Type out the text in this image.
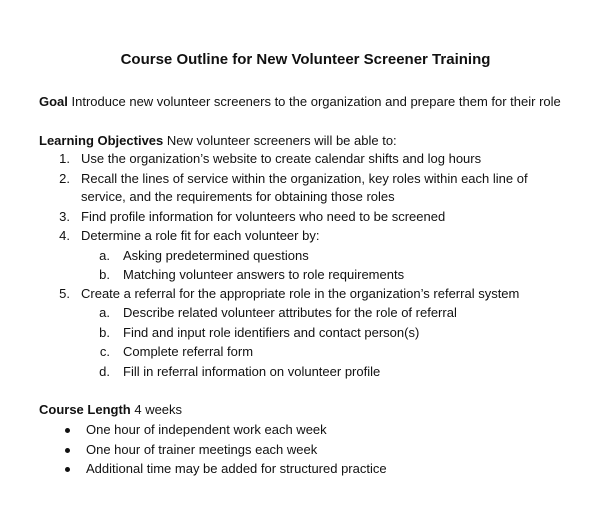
Course Outline for New Volunteer Screener Training
Goal Introduce new volunteer screeners to the organization and prepare them for their role
Learning Objectives New volunteer screeners will be able to:
1. Use the organization’s website to create calendar shifts and log hours
2. Recall the lines of service within the organization, key roles within each line of
service, and the requirements for obtaining those roles
3. Find profile information for volunteers who need to be screened
4. Determine a role fit for each volunteer by:
a. Asking predetermined questions
b. Matching volunteer answers to role requirements
5. Create a referral for the appropriate role in the organization’s referral system
a. Describe related volunteer attributes for the role of referral
b. Find and input role identifiers and contact person(s)
c. Complete referral form
d. Fill in referral information on volunteer profile
Course Length 4 weeks
One hour of independent work each week
One hour of trainer meetings each week
Additional time may be added for structured practice
